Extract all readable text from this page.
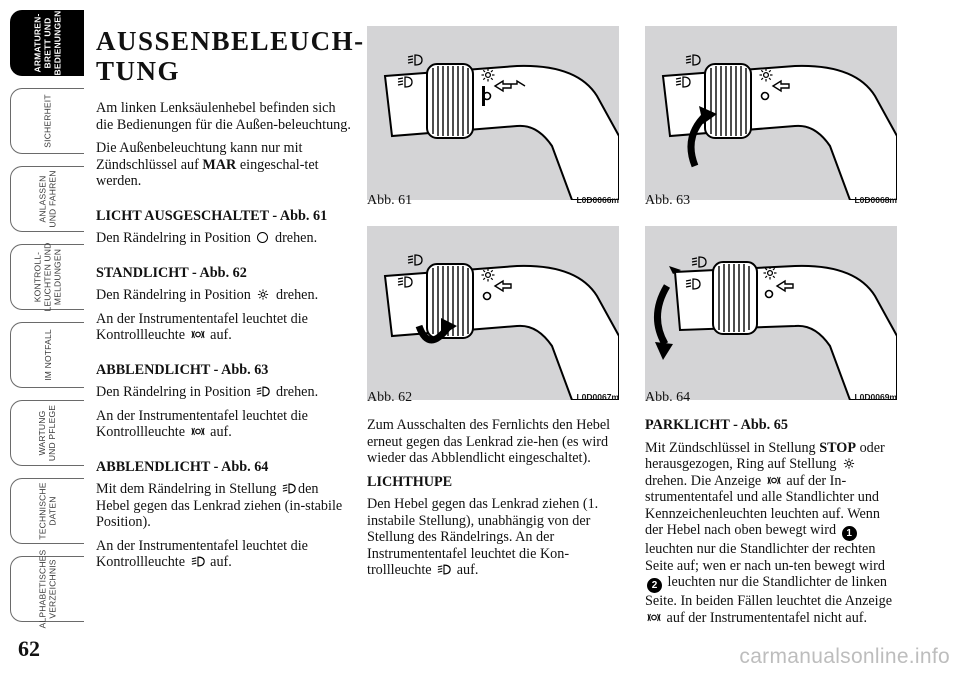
ARMATUREN-
BRETT UND
BEDIENUNGEN
SICHERHEIT
ANLASSEN
UND FAHREN
KONTROLL-
LEUCHTEN UND
MELDUNGEN
IM NOTFALL
WARTUNG
UND PFLEGE
TECHNISCHE
DATEN
ALPHABETISCHES
VERZEICHNIS
62
AUSSENBELEUCH-
TUNG

Am linken Lenksäulenhebel befinden sich die Bedienungen für die Außen-beleuchtung.

Die Außenbeleuchtung kann nur mit Zündschlüssel auf MAR eingeschal-tet werden.

LICHT AUSGESCHALTET - Abb. 61

Den Rändelring in Position  drehen.

STANDLICHT - Abb. 62

Den Rändelring in Position  drehen.

An der Instrumententafel leuchtet die Kontrollleuchte  auf.

ABBLENDLICHT - Abb. 63

Den Rändelring in Position  drehen.

An der Instrumententafel leuchtet die Kontrollleuchte  auf.

ABBLENDLICHT - Abb. 64

Mit dem Rändelring in Stellung den Hebel gegen das Lenkrad ziehen (in-stabile Position).

An der Instrumententafel leuchtet die Kontrollleuchte  auf.

Abb. 61	L0D0066m Abb. 63	L0D0068m
Abb. 62	L0D0067m Abb. 64	L0D0069m

Zum Ausschalten des Fernlichts den Hebel erneut gegen das Lenkrad zie-hen (es wird wieder das Abblendlicht eingeschaltet).

LICHTHUPE

Den Hebel gegen das Lenkrad ziehen (1. instabile Stellung), unabhängig von der Stellung des Rändelrings. An der Instrumententafel leuchtet die Kon-trollleuchte  auf.

PARKLICHT - Abb. 65

Mit Zündschlüssel in Stellung STOP oder herausgezogen, Ring auf Stellung  drehen. Die Anzeige  auf der In-strumententafel und alle Standlichter und Kennzeichenleuchten leuchten auf. Wenn der Hebel nach oben bewegt wird 1 leuchten nur die Standlichter der rechten Seite auf; wen er nach un-ten bewegt wird 2 leuchten nur die Standlichter de linken Seite. In beiden Fällen leuchtet die Anzeige  auf der Instrumententafel nicht auf.

carmanualsonline.info
